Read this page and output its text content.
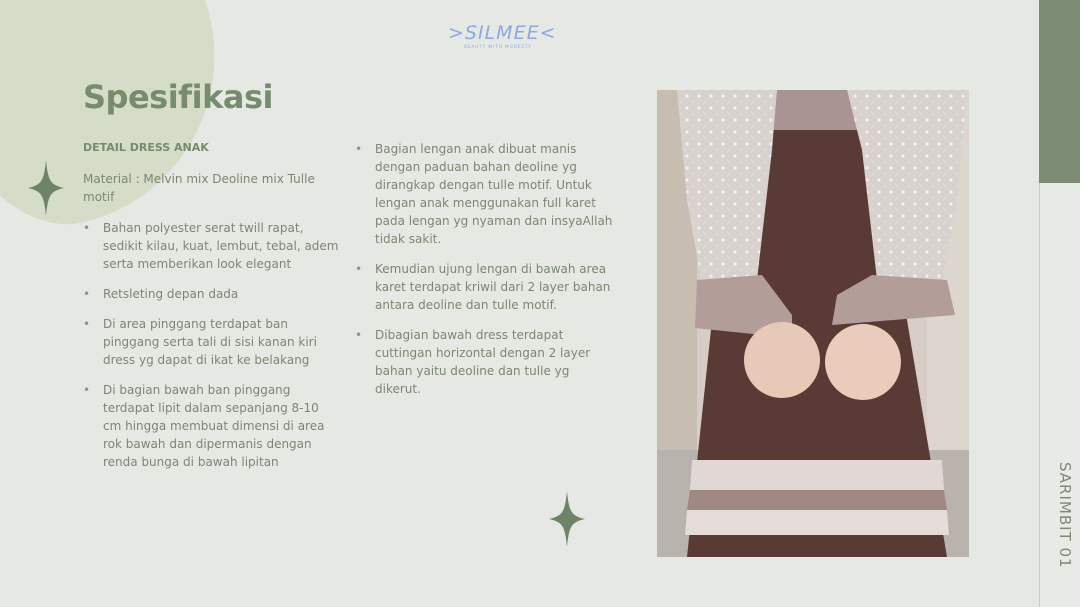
>SILMEE<
BEAUTY WITH MODESTY
Spesifikasi
DETAIL DRESS ANAK
Material : Melvin mix Deoline mix Tulle motif
• Bahan polyester serat twill rapat, sedikit kilau, kuat, lembut, tebal, adem serta memberikan look elegant
• Retsleting depan dada
• Di area pinggang terdapat ban pinggang serta tali di sisi kanan kiri dress yg dapat di ikat ke belakang
• Di bagian bawah ban pinggang terdapat lipit dalam sepanjang 8-10 cm hingga membuat dimensi di area rok bawah dan dipermanis dengan renda bunga di bawah lipitan
• Bagian lengan anak dibuat manis dengan paduan bahan deoline yg dirangkap dengan tulle motif. Untuk lengan anak menggunakan full karet pada lengan yg nyaman dan insyaAllah tidak sakit.
• Kemudian ujung lengan di bawah area karet terdapat kriwil dari 2 layer bahan antara deoline dan tulle motif.
• Dibagian bawah dress terdapat cuttingan horizontal dengan 2 layer bahan yaitu deoline dan tulle yg dikerut.
SARIMBIT 01
